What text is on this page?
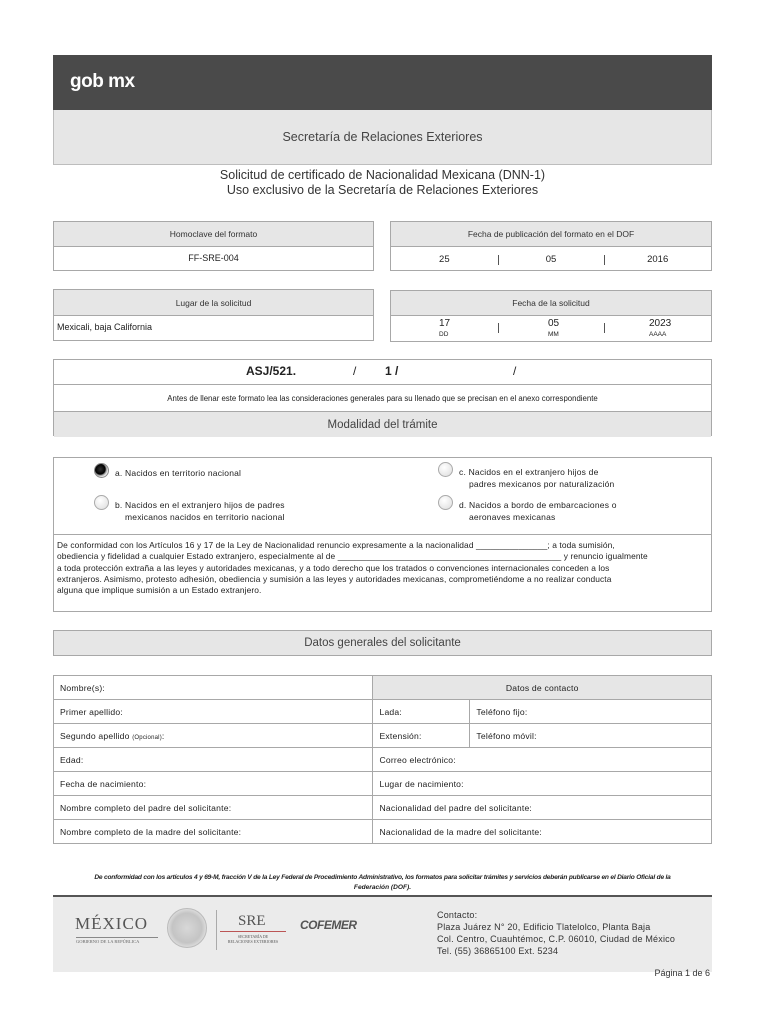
gob mx
Secretaría de Relaciones Exteriores
Solicitud de certificado de Nacionalidad Mexicana (DNN-1)
Uso exclusivo de la Secretaría de Relaciones Exteriores
Homoclave del formato
FF-SRE-004
Fecha de publicación del formato en el DOF
25	05	2016
Lugar de la solicitud
Mexicali, baja California
Fecha de la solicitud
17
DD
05
MM
2023
AAAA
ASJ/521.	/ 1 /	/
Antes de llenar este formato lea las consideraciones generales para su llenado que se precisan en el anexo correspondiente
Modalidad del trámite
a. Nacidos en territorio nacional
b. Nacidos en el extranjero hijos de padres
mexicanos nacidos en territorio nacional
c. Nacidos en el extranjero hijos de
padres mexicanos por naturalización
d. Nacidos a bordo de embarcaciones o
aeronaves mexicanas
De conformidad con los Artículos 16 y 17 de la Ley de Nacionalidad renuncio expresamente a la nacionalidad _______________; a toda sumisión,
obediencia y fidelidad a cualquier Estado extranjero, especialmente al de _______________________________________________ y renuncio igualmente
a toda protección extraña a las leyes y autoridades mexicanas, y a todo derecho que los tratados o convenciones internacionales conceden a los
extranjeros. Asimismo, protesto adhesión, obediencia y sumisión a las leyes y autoridades mexicanas, comprometiéndome a no realizar conducta
alguna que implique sumisión a un Estado extranjero.
Datos generales del solicitante
Nombre(s):	Datos de contacto	
Primer apellido:	Lada:	Teléfono fijo:
Segundo apellido (Opcional):	Extensión:	Teléfono móvil:
Edad:	Correo electrónico:	
Fecha de nacimiento:	Lugar de nacimiento:	
Nombre completo del padre del solicitante:	Nacionalidad del padre del solicitante:	
Nombre completo de la madre del solicitante:	Nacionalidad de la madre del solicitante:	
De conformidad con los artículos 4 y 69-M, fracción V de la Ley Federal de Procedimiento Administrativo, los formatos para solicitar trámites y servicios deberán publicarse en el Diario Oficial de la
Federación (DOF).
MÉXICO
GOBIERNO DE LA REPÚBLICA
SRE
SECRETARÍA DE
RELACIONES EXTERIORES
COFEMER
Contacto:
Plaza Juárez N° 20, Edificio Tlatelolco, Planta Baja
Col. Centro, Cuauhtémoc, C.P. 06010, Ciudad de México
Tel. (55) 36865100 Ext. 5234
Página 1 de 6
